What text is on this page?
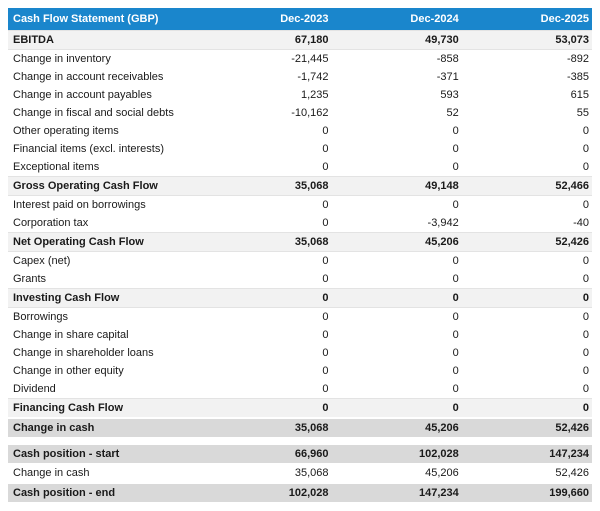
Cash Flow Statement (GBP)	Dec-2023	Dec-2024	Dec-2025
EBITDA	67,180	49,730	53,073
Change in inventory	-21,445	-858	-892
Change in account receivables	-1,742	-371	-385
Change in account payables	1,235	593	615
Change in fiscal and social debts	-10,162	52	55
Other operating items	0	0	0
Financial items (excl. interests)	0	0	0
Exceptional items	0	0	0
Gross Operating Cash Flow	35,068	49,148	52,466
Interest paid on borrowings	0	0	0
Corporation tax	0	-3,942	-40
Net Operating Cash Flow	35,068	45,206	52,426
Capex (net)	0	0	0
Grants	0	0	0
Investing Cash Flow	0	0	0
Borrowings	0	0	0
Change in share capital	0	0	0
Change in shareholder loans	0	0	0
Change in other equity	0	0	0
Dividend	0	0	0
Financing Cash Flow	0	0	0
Change in cash	35,068	45,206	52,426

Cash position - start	66,960	102,028	147,234
Change in cash	35,068	45,206	52,426
Cash position - end	102,028	147,234	199,660
